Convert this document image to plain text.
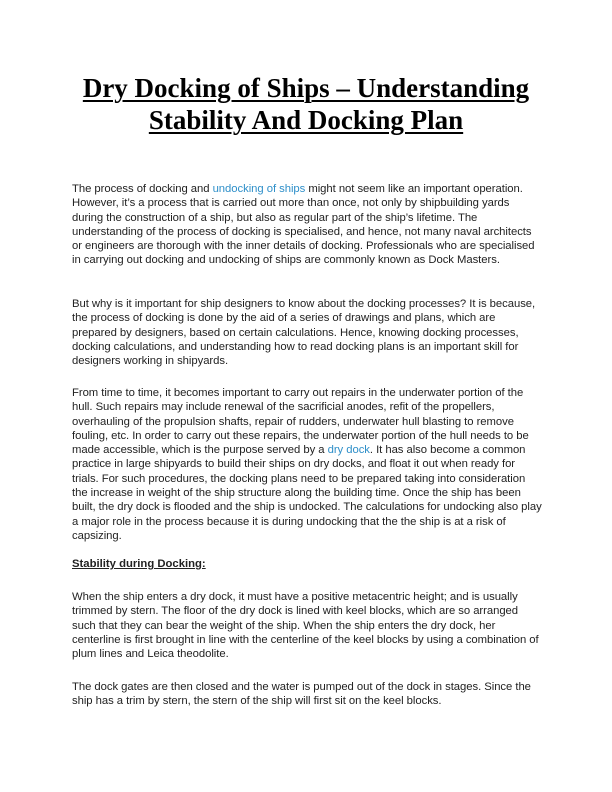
Dry Docking of Ships – Understanding Stability And Docking Plan

The process of docking and undocking of ships might not seem like an important operation. However, it’s a process that is carried out more than once, not only by shipbuilding yards during the construction of a ship, but also as regular part of the ship’s lifetime. The understanding of the process of docking is specialised, and hence, not many naval architects or engineers are thorough with the inner details of docking. Professionals who are specialised in carrying out docking and undocking of ships are commonly known as Dock Masters.

But why is it important for ship designers to know about the docking processes? It is because, the process of docking is done by the aid of a series of drawings and plans, which are prepared by designers, based on certain calculations. Hence, knowing docking processes, docking calculations, and understanding how to read docking plans is an important skill for designers working in shipyards.

From time to time, it becomes important to carry out repairs in the underwater portion of the hull. Such repairs may include renewal of the sacrificial anodes, refit of the propellers, overhauling of the propulsion shafts, repair of rudders, underwater hull blasting to remove fouling, etc. In order to carry out these repairs, the underwater portion of the hull needs to be made accessible, which is the purpose served by a dry dock. It has also become a common practice in large shipyards to build their ships on dry docks, and float it out when ready for trials. For such procedures, the docking plans need to be prepared taking into consideration the increase in weight of the ship structure along the building time. Once the ship has been built, the dry dock is flooded and the ship is undocked. The calculations for undocking also play a major role in the process because it is during undocking that the the ship is at a risk of capsizing.

Stability during Docking:

When the ship enters a dry dock, it must have a positive metacentric height; and is usually trimmed by stern. The floor of the dry dock is lined with keel blocks, which are so arranged such that they can bear the weight of the ship. When the ship enters the dry dock, her centerline is first brought in line with the centerline of the keel blocks by using a combination of plum lines and Leica theodolite.

The dock gates are then closed and the water is pumped out of the dock in stages. Since the ship has a trim by stern, the stern of the ship will first sit on the keel blocks.
